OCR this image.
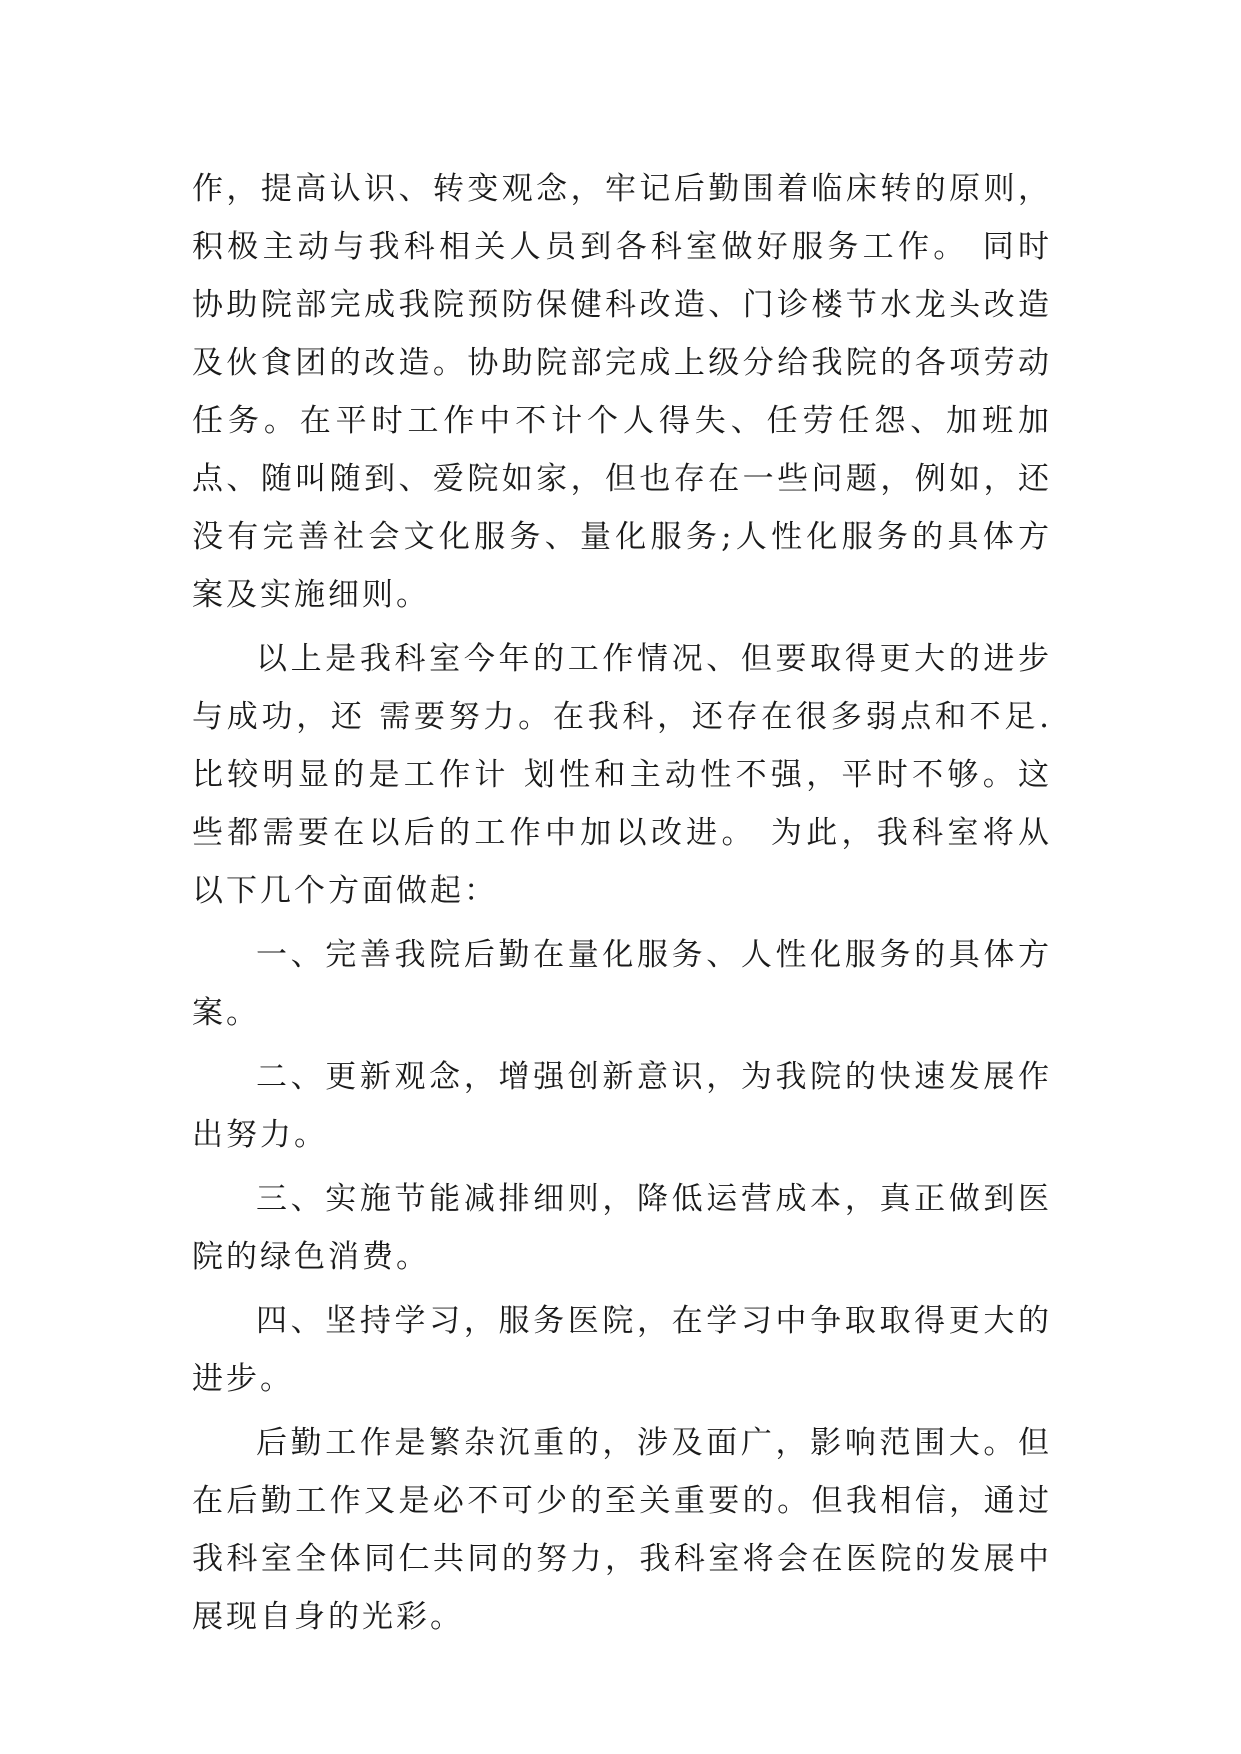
作，提高认识、转变观念，牢记后勤围着临床转的原则，积极主动与我科相关人员到各科室做好服务工作。 同时协助院部完成我院预防保健科改造、门诊楼节水龙头改造及伙食团的改造。协助院部完成上级分给我院的各项劳动任务。在平时工作中不计个人得失、任劳任怨、加班加点、随叫随到、爱院如家，但也存在一些问题，例如，还没有完善社会文化服务、量化服务;人性化服务的具体方案及实施细则。

以上是我科室今年的工作情况、但要取得更大的进步与成功，还 需要努力。在我科，还存在很多弱点和不足.比较明显的是工作计 划性和主动性不强，平时不够。这些都需要在以后的工作中加以改进。 为此，我科室将从以下几个方面做起：

一、完善我院后勤在量化服务、人性化服务的具体方案。

二、更新观念，增强创新意识，为我院的快速发展作出努力。

三、实施节能减排细则，降低运营成本，真正做到医院的绿色消费。

四、坚持学习，服务医院，在学习中争取取得更大的进步。

后勤工作是繁杂沉重的，涉及面广，影响范围大。但在后勤工作又是必不可少的至关重要的。但我相信，通过我科室全体同仁共同的努力，我科室将会在医院的发展中展现自身的光彩。
